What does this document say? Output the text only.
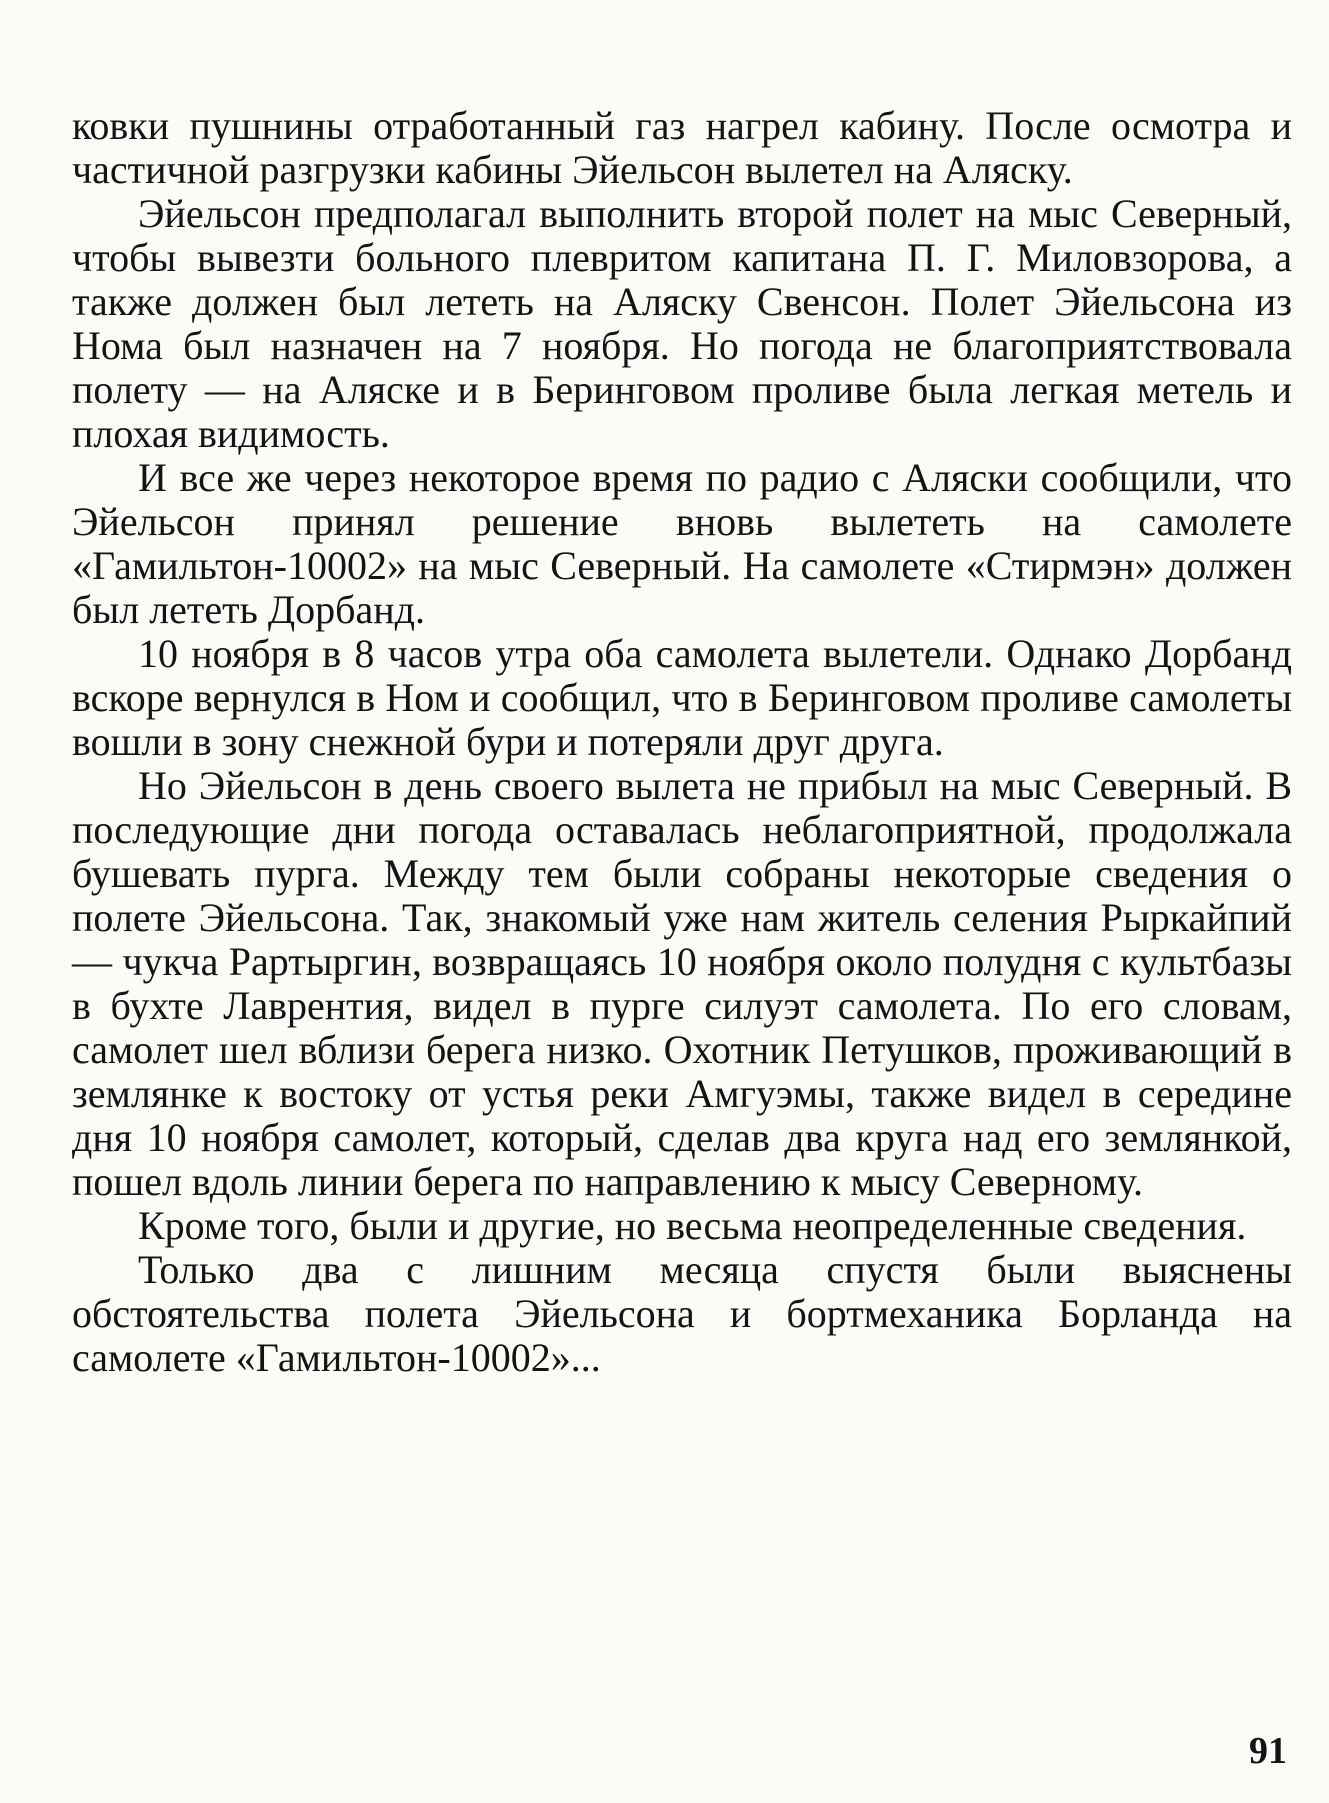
ковки пушнины отработанный газ нагрел кабину. После осмотра и частичной разгрузки кабины Эйельсон вылетел на Аляску.

Эйельсон предполагал выполнить второй полет на мыс Северный, чтобы вывезти больного плевритом капитана П. Г. Миловзорова, а также должен был лететь на Аляску Свенсон. Полет Эйельсона из Нома был назначен на 7 ноября. Но погода не благоприятствовала полету — на Аляске и в Беринговом проливе была легкая метель и плохая видимость.

И все же через некоторое время по радио с Аляски сообщили, что Эйельсон принял решение вновь вылететь на самолете «Гамильтон-10002» на мыс Северный. На самолете «Стирмэн» должен был лететь Дорбанд.

10 ноября в 8 часов утра оба самолета вылетели. Однако Дорбанд вскоре вернулся в Ном и сообщил, что в Беринговом проливе самолеты вошли в зону снежной бури и потеряли друг друга.

Но Эйельсон в день своего вылета не прибыл на мыс Северный. В последующие дни погода оставалась неблагоприятной, продолжала бушевать пурга. Между тем были собраны некоторые сведения о полете Эйельсона. Так, знакомый уже нам житель селения Рыркайпий — чукча Рартыргин, возвращаясь 10 ноября около полудня с культбазы в бухте Лаврентия, видел в пурге силуэт самолета. По его словам, самолет шел вблизи берега низко. Охотник Петушков, проживающий в землянке к востоку от устья реки Амгуэмы, также видел в середине дня 10 ноября самолет, который, сделав два круга над его землянкой, пошел вдоль линии берега по направлению к мысу Северному.

Кроме того, были и другие, но весьма неопределенные сведения.

Только два с лишним месяца спустя были выяснены обстоятельства полета Эйельсона и бортмеханика Борланда на самолете «Гамильтон-10002»...

91
